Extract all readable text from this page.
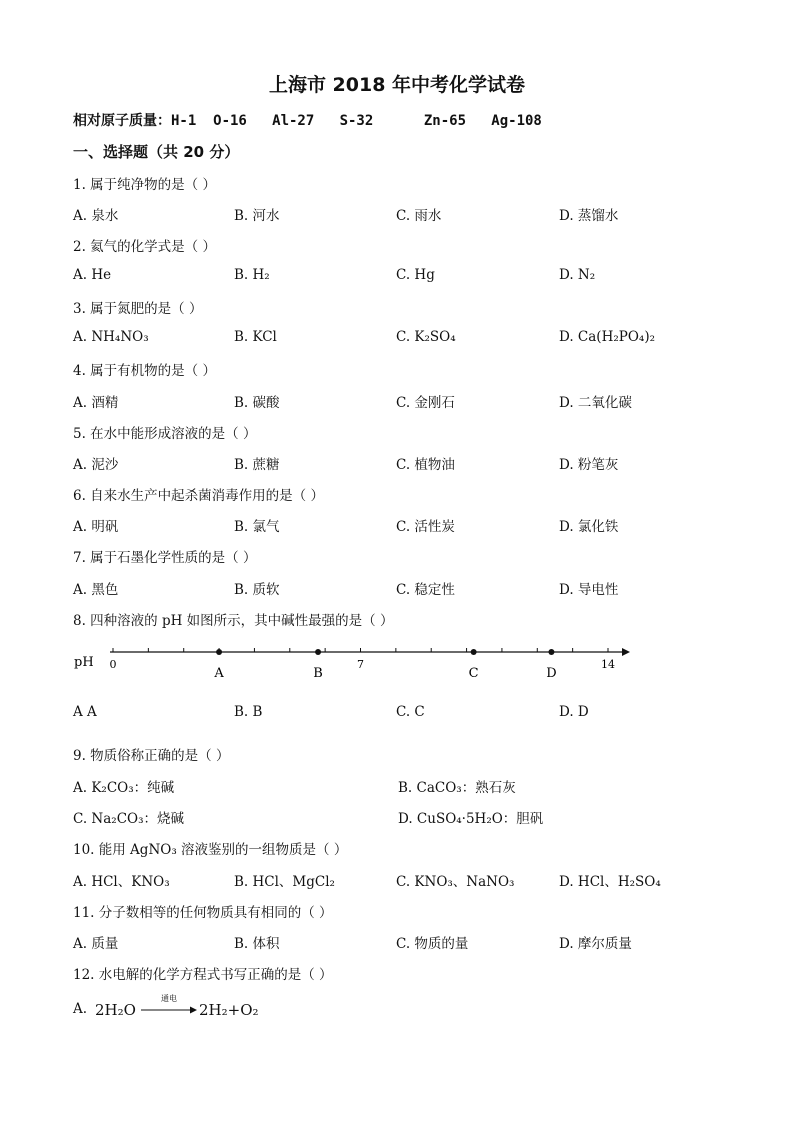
上海市 2018 年中考化学试卷
相对原子质量：H-1  O-16   Al-27   S-32      Zn-65   Ag-108
一、选择题（共 20 分）
1. 属于纯净物的是（ ）
A. 泉水	B. 河水	C. 雨水	D. 蒸馏水
2. 氦气的化学式是（ ）
A. He	B. H₂	C. Hg	D. N₂
3. 属于氮肥的是（ ）
A. NH₄NO₃	B. KCl	C. K₂SO₄	D. Ca(H₂PO₄)₂
4. 属于有机物的是（ ）
A. 酒精	B. 碳酸	C. 金刚石	D. 二氧化碳
5. 在水中能形成溶液的是（ ）
A. 泥沙	B. 蔗糖	C. 植物油	D. 粉笔灰
6. 自来水生产中起杀菌消毒作用的是（ ）
A. 明矾	B. 氯气	C. 活性炭	D. 氯化铁
7. 属于石墨化学性质的是（ ）
A. 黑色	B. 质软	C. 稳定性	D. 导电性
8. 四种溶液的 pH 如图所示，其中碱性最强的是（ ）
pH 0	7	14
A	B	C	D
A A	B. B	C. C	D. D
9. 物质俗称正确的是（ ）
A. K₂CO₃：纯碱	B. CaCO₃：熟石灰
C. Na₂CO₃：烧碱	D. CuSO₄·5H₂O：胆矾
10. 能用 AgNO₃ 溶液鉴别的一组物质是（ ）
A. HCl、KNO₃	B. HCl、MgCl₂	C. KNO₃、NaNO₃	D. HCl、H₂SO₄
11. 分子数相等的任何物质具有相同的（ ）
A. 质量	B. 体积	C. 物质的量	D. 摩尔质量
12. 水电解的化学方程式书写正确的是（ ）
A. 2H₂O
通电
2H₂+O₂
